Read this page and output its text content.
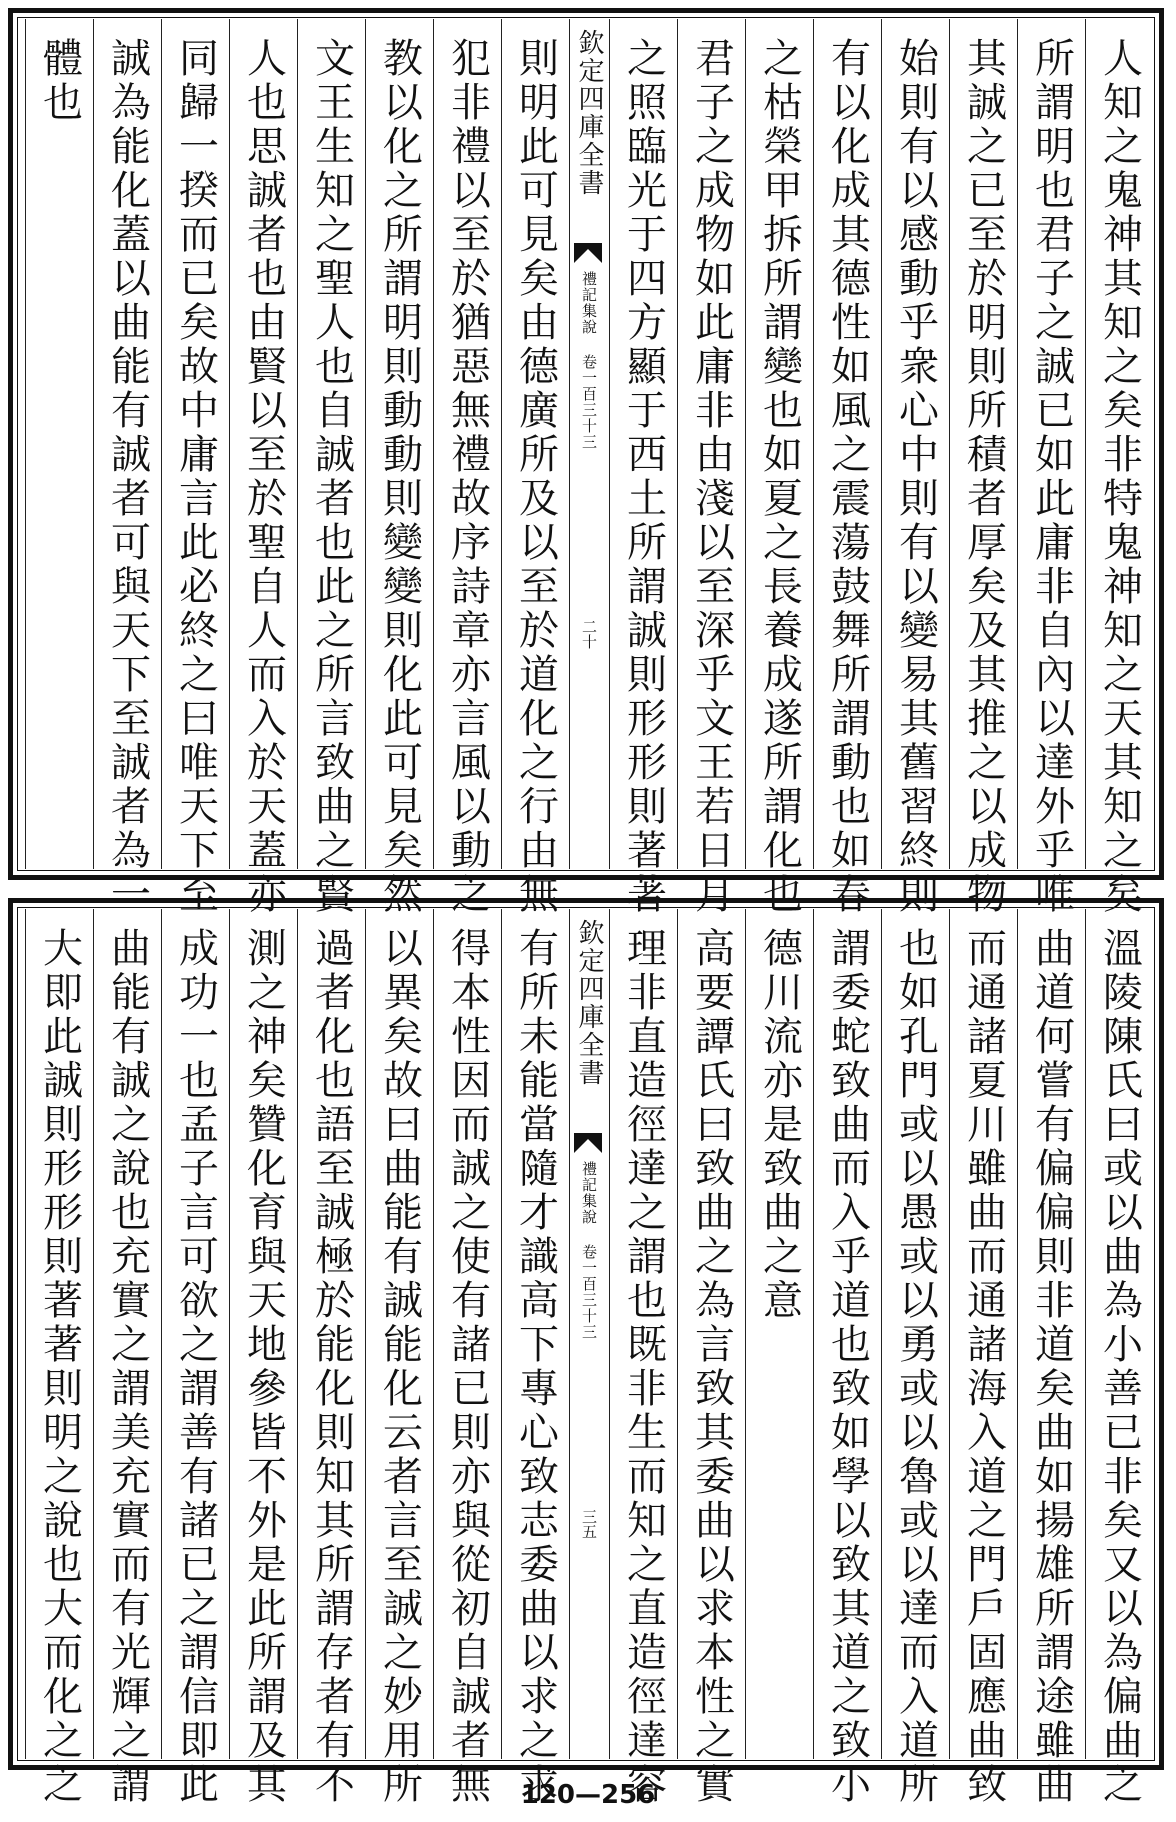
人知之鬼神其知之矣非特鬼神知之天其知之矣
所謂明也君子之誠已如此庸非自內以達外乎唯
其誠之已至於明則所積者厚矣及其推之以成物
始則有以感動乎衆心中則有以變易其舊習終則
有以化成其德性如風之震蕩鼓舞所謂動也如春
之枯榮甲拆所謂變也如夏之長養成遂所謂化也
君子之成物如此庸非由淺以至深乎文王若日月
之照臨光于四方顯于西土所謂誠則形形則著著
欽定四庫全書
禮記集說 卷一百三十三
二十
則明此可見矣由德廣所及以至於道化之行由無
犯非禮以至於猶惡無禮故序詩章亦言風以動之
教以化之所謂明則動動則變變則化此可見矣然
文王生知之聖人也自誠者也此之所言致曲之賢
人也思誠者也由賢以至於聖自人而入於天蓋亦
同歸一揆而已矣故中庸言此必終之曰唯天下至
誠為能化蓋以曲能有誠者可與天下至誠者為一
體也
溫陵陳氏曰或以曲為小善已非矣又以為偏曲之
曲道何嘗有偏偏則非道矣曲如揚雄所謂途雖曲
而通諸夏川雖曲而通諸海入道之門戶固應曲致
也如孔門或以愚或以勇或以魯或以達而入道所
謂委蛇致曲而入乎道也致如學以致其道之致小
德川流亦是致曲之意
高要譚氏曰致曲之為言致其委曲以求本性之實
理非直造徑達之謂也既非生而知之直造徑達容
欽定四庫全書
禮記集說 卷一百三十三
三五
有所未能當隨才識高下專心致志委曲以求之求
得本性因而誠之使有諸已則亦與從初自誠者無
以異矣故曰曲能有誠能化云者言至誠之妙用所
過者化也語至誠極於能化則知其所謂存者有不
測之神矣贊化育與天地參皆不外是此所謂及其
成功一也孟子言可欲之謂善有諸已之謂信即此
曲能有誠之說也充實之謂美充實而有光輝之謂
大即此誠則形形則著著則明之說也大而化之之	120—256
